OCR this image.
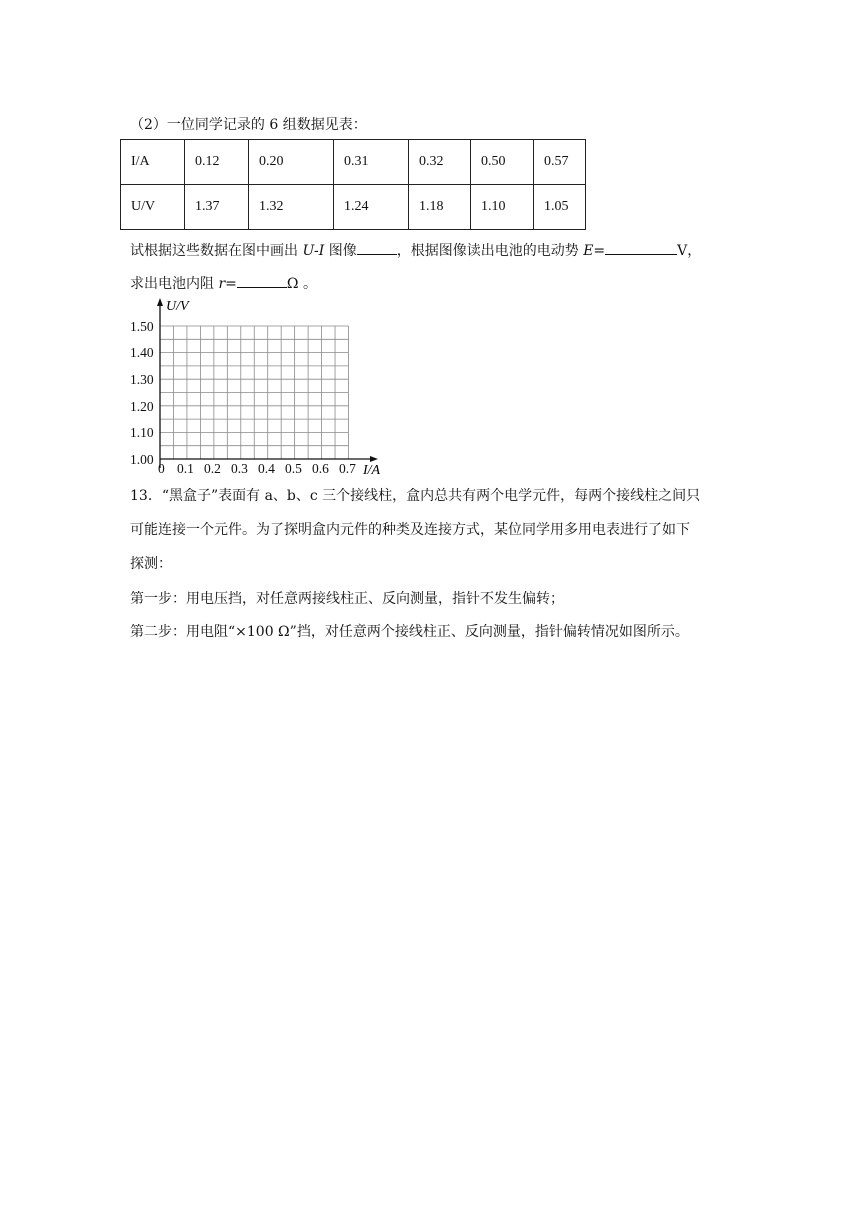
（2）一位同学记录的 6 组数据见表：
I/A	0.12	0.20	0.31	0.32	0.50	0.57
U/V	1.37	1.32	1.24	1.18	1.10	1.05
试根据这些数据在图中画出 U-I 图像	，根据图像读出电池的电动势 E=	V，
求出电池内阻 r=	Ω 。
U/V
I/A
1.50
1.40
1.30
1.20
1.10
1.00
0 0.1 0.2 0.3 0.4 0.5 0.6 0.7
13．“黑盒子”表面有 a、b、c 三个接线柱，盒内总共有两个电学元件，每两个接线柱之间只
可能连接一个元件。为了探明盒内元件的种类及连接方式，某位同学用多用电表进行了如下
探测：
第一步：用电压挡，对任意两接线柱正、反向测量，指针不发生偏转；
第二步：用电阻“×100 Ω”挡，对任意两个接线柱正、反向测量，指针偏转情况如图所示。
